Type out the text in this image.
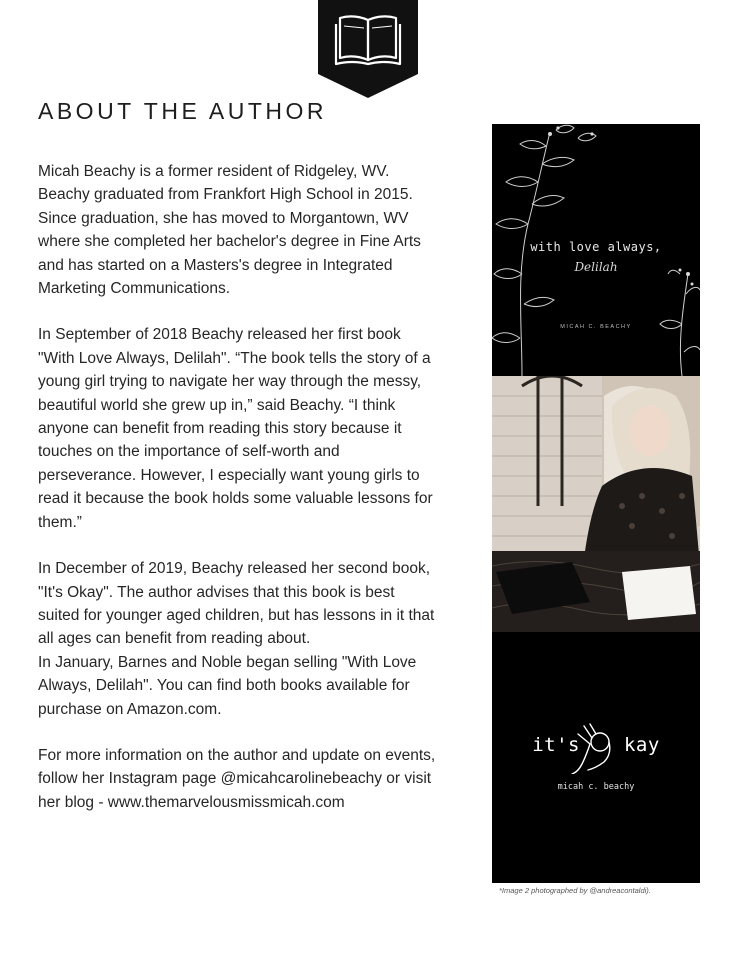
ABOUT THE AUTHOR

Micah Beachy is a former resident of Ridgeley, WV. Beachy graduated from Frankfort High School in 2015. Since graduation, she has moved to Morgantown, WV where she completed her bachelor's degree in Fine Arts and has started on a Masters's degree in Integrated Marketing Communications.

In September of 2018 Beachy released her first book "With Love Always, Delilah". “The book tells the story of a young girl trying to navigate her way through the messy, beautiful world she grew up in,” said Beachy. “I think anyone can benefit from reading this story because it touches on the importance of self-worth and perseverance. However, I especially want young girls to read it because the book holds some valuable lessons for them.”

In December of 2019, Beachy released her second book, "It's Okay". The author advises that this book is best suited for younger aged children, but has lessons in it that all ages can benefit from reading about.

In January, Barnes and Noble began selling "With Love Always, Delilah". You can find both books available for purchase on Amazon.com.

For more information on the author and update on events, follow her Instagram page @micahcarolinebeachy or visit her blog - www.themarvelousmissmicah.com

with love always,
Delilah
MICAH C. BEACHY
it's kay
micah c. beachy
*Image 2 photographed by @andreacontaldi).
